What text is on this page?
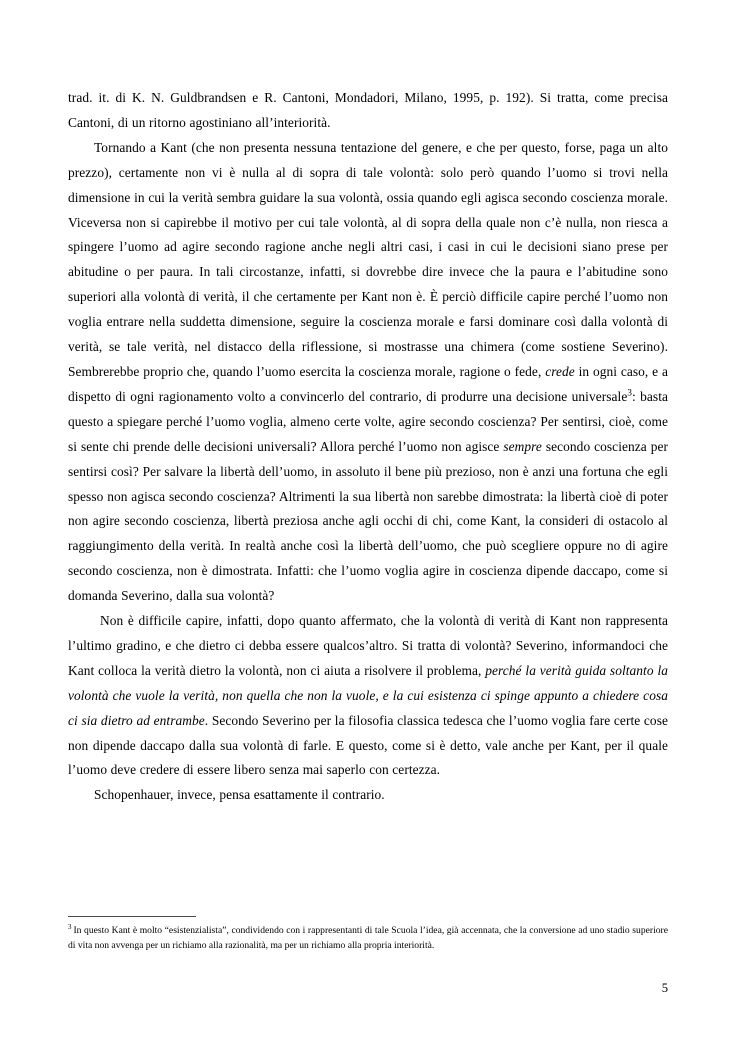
trad. it. di K. N. Guldbrandsen e R. Cantoni, Mondadori, Milano, 1995, p. 192). Si tratta, come precisa Cantoni, di un ritorno agostiniano all’interiorità.

Tornando a Kant (che non presenta nessuna tentazione del genere, e che per questo, forse, paga un alto prezzo), certamente non vi è nulla al di sopra di tale volontà: solo però quando l’uomo si trovi nella dimensione in cui la verità sembra guidare la sua volontà, ossia quando egli agisca secondo coscienza morale. Viceversa non si capirebbe il motivo per cui tale volontà, al di sopra della quale non c’è nulla, non riesca a spingere l’uomo ad agire secondo ragione anche negli altri casi, i casi in cui le decisioni siano prese per abitudine o per paura. In tali circostanze, infatti, si dovrebbe dire invece che la paura e l’abitudine sono superiori alla volontà di verità, il che certamente per Kant non è. È perciò difficile capire perché l’uomo non voglia entrare nella suddetta dimensione, seguire la coscienza morale e farsi dominare così dalla volontà di verità, se tale verità, nel distacco della riflessione, si mostrasse una chimera (come sostiene Severino). Sembrerebbe proprio che, quando l’uomo esercita la coscienza morale, ragione o fede, crede in ogni caso, e a dispetto di ogni ragionamento volto a convincerlo del contrario, di produrre una decisione universale$^3$: basta questo a spiegare perché l’uomo voglia, almeno certe volte, agire secondo coscienza? Per sentirsi, cioè, come si sente chi prende delle decisioni universali? Allora perché l’uomo non agisce sempre secondo coscienza per sentirsi così? Per salvare la libertà dell’uomo, in assoluto il bene più prezioso, non è anzi una fortuna che egli spesso non agisca secondo coscienza? Altrimenti la sua libertà non sarebbe dimostrata: la libertà cioè di poter non agire secondo coscienza, libertà preziosa anche agli occhi di chi, come Kant, la consideri di ostacolo al raggiungimento della verità. In realtà anche così la libertà dell’uomo, che può scegliere oppure no di agire secondo coscienza, non è dimostrata. Infatti: che l’uomo voglia agire in coscienza dipende daccapo, come si domanda Severino, dalla sua volontà?

Non è difficile capire, infatti, dopo quanto affermato, che la volontà di verità di Kant non rappresenta l’ultimo gradino, e che dietro ci debba essere qualcos’altro. Si tratta di volontà? Severino, informandoci che Kant colloca la verità dietro la volontà, non ci aiuta a risolvere il problema, perché la verità guida soltanto la volontà che vuole la verità, non quella che non la vuole, e la cui esistenza ci spinge appunto a chiedere cosa ci sia dietro ad entrambe. Secondo Severino per la filosofia classica tedesca che l’uomo voglia fare certe cose non dipende daccapo dalla sua volontà di farle. E questo, come si è detto, vale anche per Kant, per il quale l’uomo deve credere di essere libero senza mai saperlo con certezza.

Schopenhauer, invece, pensa esattamente il contrario.

$^3$ In questo Kant è molto “esistenzialista”, condividendo con i rappresentanti di tale Scuola l’idea, già accennata, che la conversione ad uno stadio superiore di vita non avvenga per un richiamo alla razionalità, ma per un richiamo alla propria interiorità.

5
